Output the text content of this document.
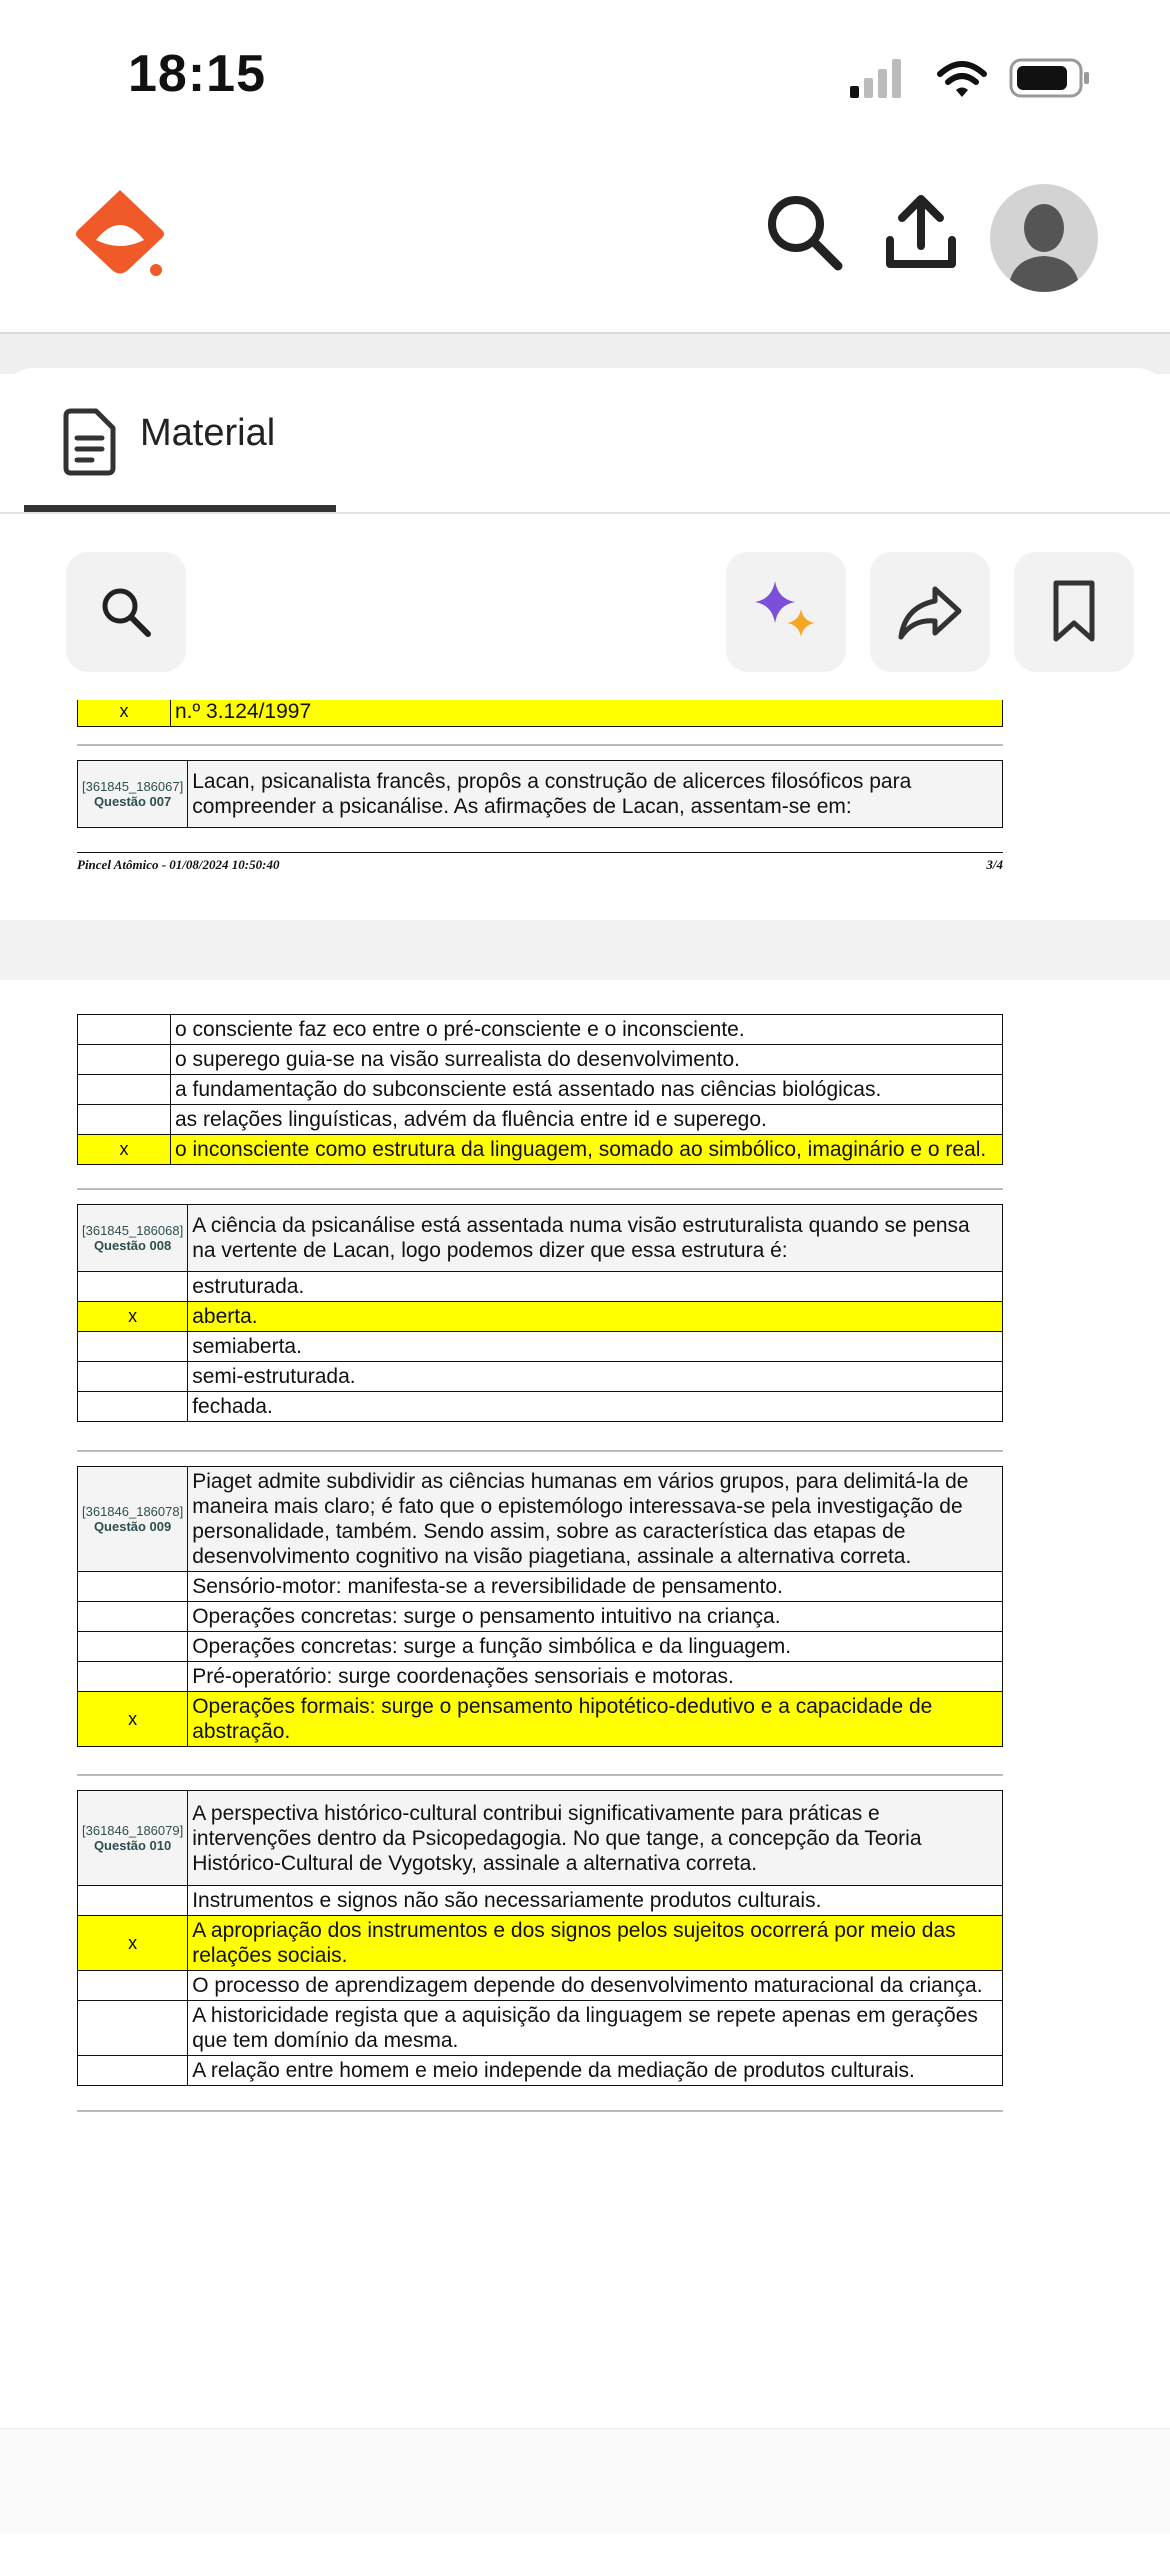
18:15
Material
x	n.º 3.124/1997
[361845_186067]
Questão 007
	Lacan, psicanalista francês, propôs a construção de alicerces filosóficos para compreender a psicanálise. As afirmações de Lacan, assentam-se em:
Pincel Atômico - 01/08/2024 10:50:40	3/4
	o consciente faz eco entre o pré-consciente e o inconsciente.
	o superego guia-se na visão surrealista do desenvolvimento.
	a fundamentação do subconsciente está assentado nas ciências biológicas.
	as relações linguísticas, advém da fluência entre id e superego.
x	o inconsciente como estrutura da linguagem, somado ao simbólico, imaginário e o real.
[361845_186068]
Questão 008	A ciência da psicanálise está assentada numa visão estruturalista quando se pensa na vertente de Lacan, logo podemos dizer que essa estrutura é:
	estruturada.
x	aberta.
	semiaberta.
	semi-estruturada.
	fechada.
[361846_186078]
Questão 009	Piaget admite subdividir as ciências humanas em vários grupos, para delimitá-la de maneira mais claro; é fato que o epistemólogo interessava-se pela investigação de personalidade, também. Sendo assim, sobre as característica das etapas de desenvolvimento cognitivo na visão piagetiana, assinale a alternativa correta.
	Sensório-motor: manifesta-se a reversibilidade de pensamento.
	Operações concretas: surge o pensamento intuitivo na criança.
	Operações concretas: surge a função simbólica e da linguagem.
	Pré-operatório: surge coordenações sensoriais e motoras.
x	Operações formais: surge o pensamento hipotético-dedutivo e a capacidade de abstração.
[361846_186079]
Questão 010	A perspectiva histórico-cultural contribui significativamente para práticas e intervenções dentro da Psicopedagogia. No que tange, a concepção da Teoria Histórico-Cultural de Vygotsky, assinale a alternativa correta.
	Instrumentos e signos não são necessariamente produtos culturais.
x	A apropriação dos instrumentos e dos signos pelos sujeitos ocorrerá por meio das relações sociais.
	O processo de aprendizagem depende do desenvolvimento maturacional da criança.
	A historicidade regista que a aquisição da linguagem se repete apenas em gerações que tem domínio da mesma.
	A relação entre homem e meio independe da mediação de produtos culturais.
